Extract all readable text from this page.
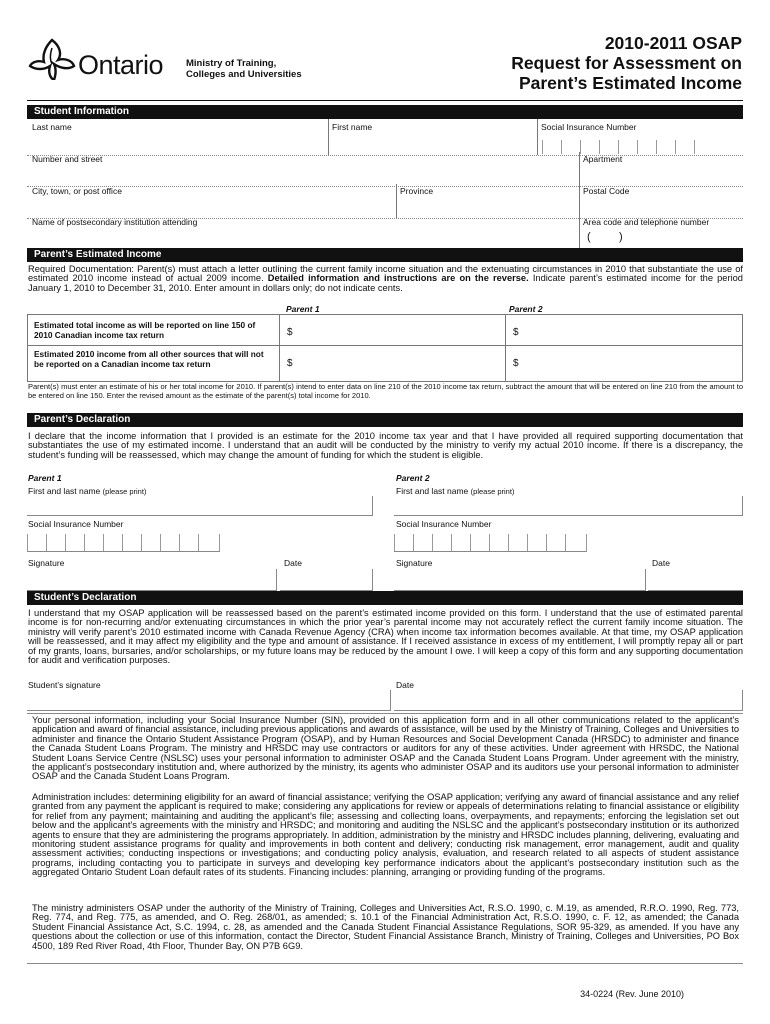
Ontario Ministry of Training,
Colleges and Universities
2010-2011 OSAP
Request for Assessment on
Parent’s Estimated Income
Student Information
Last name	First name	Social Insurance Number
Number and street	Apartment
City, town, or post office	Province	Postal Code
Name of postsecondary institution attending	Area code and telephone number
(	)
Parent’s Estimated Income
Required Documentation: Parent(s) must attach a letter outlining the current family income situation and the extenuating circumstances in 2010 that substantiate the use of estimated 2010 income instead of actual 2009 income. Detailed information and instructions are on the reverse. Indicate parent’s estimated income for the period January 1, 2010 to December 31, 2010. Enter amount in dollars only; do not indicate cents.
Parent 1	Parent 2
Estimated total income as will be reported on line 150 of 2010 Canadian income tax return	$	$
Estimated 2010 income from all other sources that will not be reported on a Canadian income tax return	$	$
Parent(s) must enter an estimate of his or her total income for 2010. If parent(s) intend to enter data on line 210 of the 2010 income tax return, subtract the amount that will be entered on line 210 from the amount to be entered on line 150. Enter the revised amount as the estimate of the parent(s) total income for 2010.
Parent’s Declaration
I declare that the income information that I provided is an estimate for the 2010 income tax year and that I have provided all required supporting documentation that substantiates the use of my estimated income. I understand that an audit will be conducted by the ministry to verify my actual 2010 income. If there is a discrepancy, the student’s funding will be reassessed, which may change the amount of funding for which the student is eligible.
Parent 1	Parent 2
First and last name (please print)	First and last name (please print)
Social Insurance Number	Social Insurance Number
Signature	Date	Signature	Date
Student’s Declaration
I understand that my OSAP application will be reassessed based on the parent’s estimated income provided on this form. I understand that the use of estimated parental income is for non-recurring and/or extenuating circumstances in which the prior year’s parental income may not accurately reflect the current family income situation. The ministry will verify parent’s 2010 estimated income with Canada Revenue Agency (CRA) when income tax information becomes available. At that time, my OSAP application will be reassessed, and it may affect my eligibility and the type and amount of assistance. If I received assistance in excess of my entitlement, I will promptly repay all or part of my grants, loans, bursaries, and/or scholarships, or my future loans may be reduced by the amount I owe. I will keep a copy of this form and any supporting documentation for audit and verification purposes.
Student’s signature	Date
Your personal information, including your Social Insurance Number (SIN), provided on this application form and in all other communications related to the applicant’s application and award of financial assistance, including previous applications and awards of assistance, will be used by the Ministry of Training, Colleges and Universities to administer and finance the Ontario Student Assistance Program (OSAP), and by Human Resources and Social Development Canada (HRSDC) to administer and finance the Canada Student Loans Program. The ministry and HRSDC may use contractors or auditors for any of these activities. Under agreement with HRSDC, the National Student Loans Service Centre (NSLSC) uses your personal information to administer OSAP and the Canada Student Loans Program. Under agreement with the ministry, the applicant’s postsecondary institution and, where authorized by the ministry, its agents who administer OSAP and its auditors use your personal information to administer OSAP and the Canada Student Loans Program.
Administration includes: determining eligibility for an award of financial assistance; verifying the OSAP application; verifying any award of financial assistance and any relief granted from any payment the applicant is required to make; considering any applications for review or appeals of determinations relating to financial assistance or eligibility for relief from any payment; maintaining and auditing the applicant’s file; assessing and collecting loans, overpayments, and repayments; enforcing the legislation set out below and the applicant’s agreements with the ministry and HRSDC; and monitoring and auditing the NSLSC and the applicant’s postsecondary institution or its authorized agents to ensure that they are administering the programs appropriately. In addition, administration by the ministry and HRSDC includes planning, delivering, evaluating and monitoring student assistance programs for quality and improvements in both content and delivery; conducting risk management, error management, audit and quality assessment activities; conducting inspections or investigations; and conducting policy analysis, evaluation, and research related to all aspects of student assistance programs, including contacting you to participate in surveys and developing key performance indicators about the applicant’s postsecondary institution such as the aggregated Ontario Student Loan default rates of its students. Financing includes: planning, arranging or providing funding of the programs.
The ministry administers OSAP under the authority of the Ministry of Training, Colleges and Universities Act, R.S.O. 1990, c. M.19, as amended, R.R.O. 1990, Reg. 773, Reg. 774, and Reg. 775, as amended, and O. Reg. 268/01, as amended; s. 10.1 of the Financial Administration Act, R.S.O. 1990, c. F. 12, as amended; the Canada Student Financial Assistance Act, S.C. 1994, c. 28, as amended and the Canada Student Financial Assistance Regulations, SOR 95-329, as amended. If you have any questions about the collection or use of this information, contact the Director, Student Financial Assistance Branch, Ministry of Training, Colleges and Universities, PO Box 4500, 189 Red River Road, 4th Floor, Thunder Bay, ON P7B 6G9.
34-0224 (Rev. June 2010)
